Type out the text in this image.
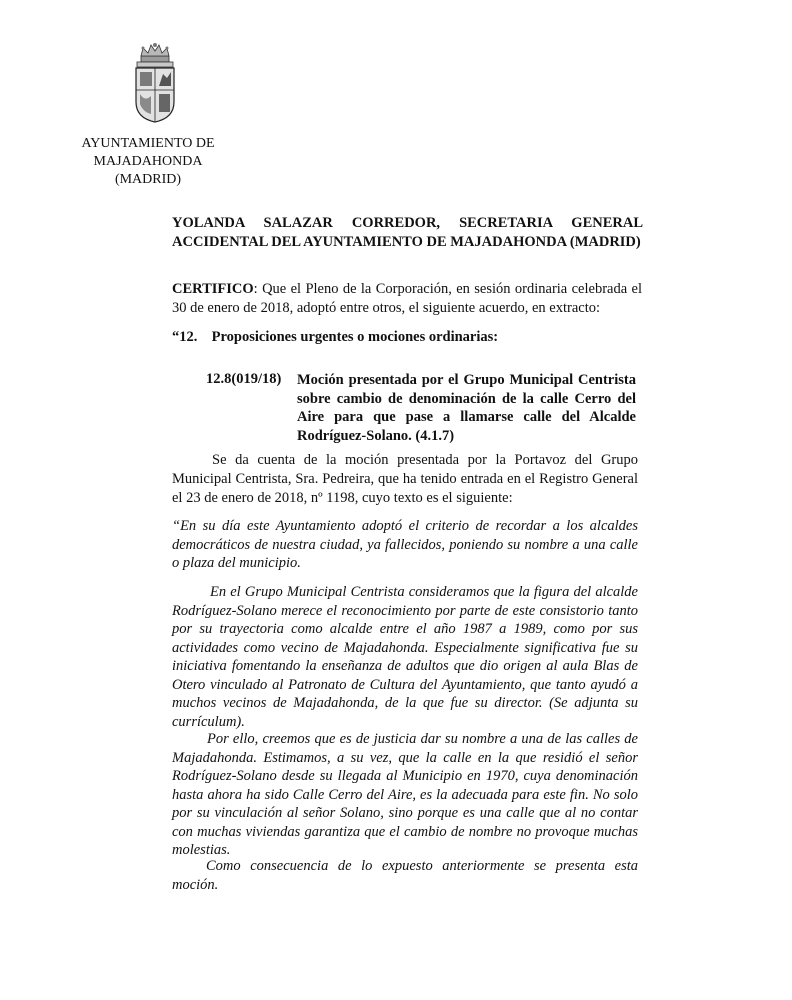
AYUNTAMIENTO DE
MAJADAHONDA
(MADRID)
YOLANDA SALAZAR CORREDOR, SECRETARIA GENERAL
ACCIDENTAL DEL AYUNTAMIENTO DE MAJADAHONDA (MADRID)
CERTIFICO: Que el Pleno de la Corporación, en sesión ordinaria celebrada el 30 de enero de 2018, adoptó entre otros, el siguiente acuerdo, en extracto:
“12. Proposiciones urgentes o mociones ordinarias:
12.8(019/18) Moción presentada por el Grupo Municipal Centrista sobre cambio de denominación de la calle Cerro del Aire para que pase a llamarse calle del Alcalde Rodríguez-Solano. (4.1.7)
Se da cuenta de la moción presentada por la Portavoz del Grupo Municipal Centrista, Sra. Pedreira, que ha tenido entrada en el Registro General el 23 de enero de 2018, nº 1198, cuyo texto es el siguiente:
“En su día este Ayuntamiento adoptó el criterio de recordar a los alcaldes democráticos de nuestra ciudad, ya fallecidos, poniendo su nombre a una calle o plaza del municipio.
En el Grupo Municipal Centrista consideramos que la figura del alcalde Rodríguez-Solano merece el reconocimiento por parte de este consistorio tanto por su trayectoria como alcalde entre el año 1987 a 1989, como por sus actividades como vecino de Majadahonda. Especialmente significativa fue su iniciativa fomentando la enseñanza de adultos que dio origen al aula Blas de Otero vinculado al Patronato de Cultura del Ayuntamiento, que tanto ayudó a muchos vecinos de Majadahonda, de la que fue su director. (Se adjunta su currículum).
Por ello, creemos que es de justicia dar su nombre a una de las calles de Majadahonda. Estimamos, a su vez, que la calle en la que residió el señor Rodríguez-Solano desde su llegada al Municipio en 1970, cuya denominación hasta ahora ha sido Calle Cerro del Aire, es la adecuada para este fin. No solo por su vinculación al señor Solano, sino porque es una calle que al no contar con muchas viviendas garantiza que el cambio de nombre no provoque muchas molestias.
Como consecuencia de lo expuesto anteriormente se presenta esta moción.
